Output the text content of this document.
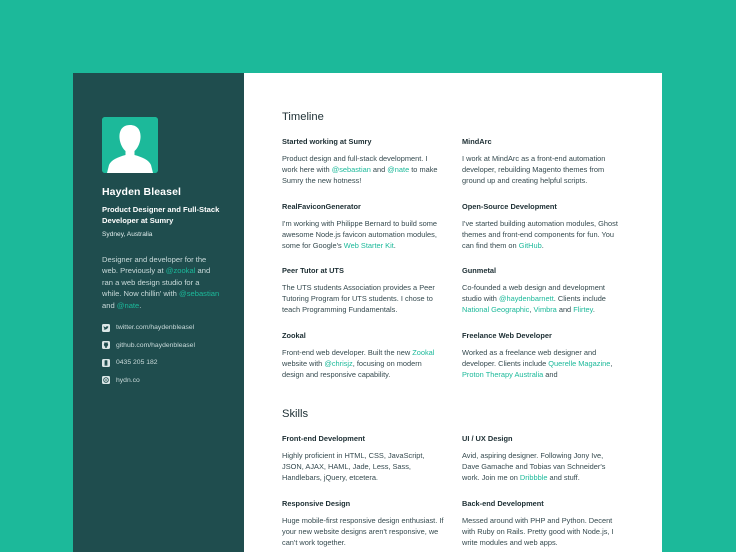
Hayden Bleasel
Product Designer and Full-Stack Developer at Sumry
Sydney, Australia
Designer and developer for the web. Previously at @zookal and ran a web design studio for a while. Now chillin' with @sebastian and @nate.
twitter.com/haydenbleasel
github.com/haydenbleasel
0435 205 182
hydn.co
Timeline
Started working at Sumry
Product design and full-stack development. I work here with @sebastian and @nate to make Sumry the new hotness!
MindArc
I work at MindArc as a front-end automation developer, rebuilding Magento themes from ground up and creating helpful scripts.
RealFaviconGenerator
I'm working with Philippe Bernard to build some awesome Node.js favicon automation modules, some for Google's Web Starter Kit.
Open-Source Development
I've started building automation modules, Ghost themes and front-end components for fun. You can find them on GitHub.
Peer Tutor at UTS
The UTS students Association provides a Peer Tutoring Program for UTS students. I chose to teach Programming Fundamentals.
Gunmetal
Co-founded a web design and development studio with @haydenbarnett. Clients include National Geographic, Vimbra and Flirtey.
Zookal
Front-end web developer. Built the new Zookal website with @chrisjz, focusing on modern design and responsive capability.
Freelance Web Developer
Worked as a freelance web designer and developer. Clients include Querelle Magazine, Proton Therapy Australia and
Skills
Front-end Development
Highly proficient in HTML, CSS, JavaScript, JSON, AJAX, HAML, Jade, Less, Sass, Handlebars, jQuery, etcetera.
UI / UX Design
Avid, aspiring designer. Following Jony Ive, Dave Gamache and Tobias van Schneider's work. Join me on Dribbble and stuff.
Responsive Design
Huge mobile-first responsive design enthusiast. If your new website designs aren't responsive, we can't work together.
Back-end Development
Messed around with PHP and Python. Decent with Ruby on Rails. Pretty good with Node.js, I write modules and web apps.
